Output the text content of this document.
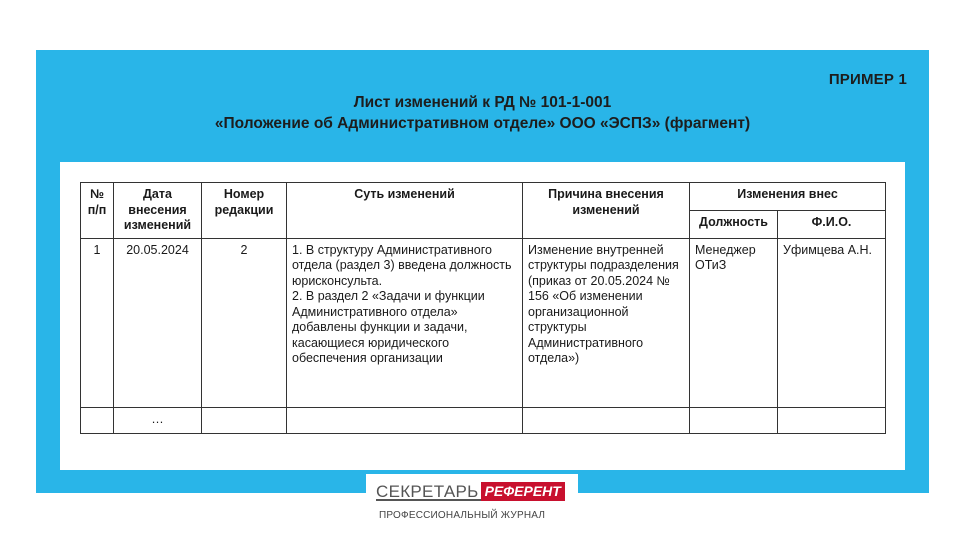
ПРИМЕР 1
Лист изменений к РД № 101-1-001
«Положение об Административном отделе» ООО «ЭСПЗ» (фрагмент)
№ п/п	Дата внесения изменений	Номер редакции	Суть изменений	Причина внесения изменений	Изменения внес	
					Должность	Ф.И.О.
1	20.05.2024	2	1. В структуру Административного отдела (раздел 3) введена должность юрисконсульта.
2. В раздел 2 «Задачи и функции Административного отдела» добавлены функции и задачи, касающиеся юридического обеспечения организации	Изменение внутренней структуры подразделения (приказ от 20.05.2024 № 156 «Об изменении организационной структуры Административного отдела»)	Менеджер ОТиЗ	Уфимцева А.Н.
	…					
СЕКРЕТАРЬ РЕФЕРЕНТ
ПРОФЕССИОНАЛЬНЫЙ ЖУРНАЛ
